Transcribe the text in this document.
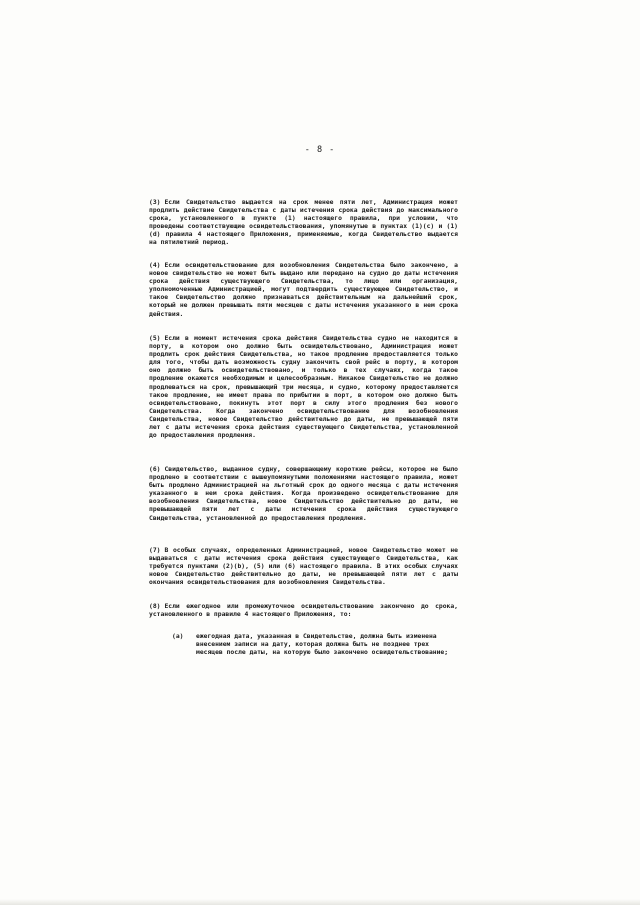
- 8 -

(3) Если Свидетельство выдается на срок менее пяти лет, Администрация может продлить действие Свидетельства с даты истечения срока действия до максимального срока, установленного в пункте (1) настоящего правила, при условии, что проведены соответствующие освидетельствования, упомянутые в пунктах (1)(с) и (1)(d) правила 4 настоящего Приложения, применяемые, когда Свидетельство выдается на пятилетний период.

(4) Если освидетельствование для возобновления Свидетельства было закончено, а новое свидетельство не может быть выдано или передано на судно до даты истечения срока действия существующего Свидетельства, то лицо или организация, уполномоченные Администрацией, могут подтвердить существующее Свидетельство, и такое Свидетельство должно признаваться действительным на дальнейший срок, который не должен превышать пяти месяцев с даты истечения указанного в нем срока действия.

(5) Если в момент истечения срока действия Свидетельства судно не находится в порту, в котором оно должно быть освидетельствовано, Администрация может продлить срок действия Свидетельства, но такое продление предоставляется только для того, чтобы дать возможность судну закончить свой рейс в порту, в котором оно должно быть освидетельствовано, и только в тех случаях, когда такое продление окажется необходимым и целесообразным. Никакое Свидетельство не должно продлеваться на срок, превышающий три месяца, и судно, которому предоставляется такое продление, не имеет права по прибытии в порт, в котором оно должно быть освидетельствовано, покинуть этот порт в силу этого продления без нового Свидетельства. Когда закончено освидетельствование для возобновления Свидетельства, новое Свидетельство действительно до даты, не превышающей пяти лет с даты истечения срока действия существующего Свидетельства, установленной до предоставления продления.

(6) Свидетельство, выданное судну, совершающему короткие рейсы, которое не было продлено в соответствии с вышеупомянутыми положениями настоящего правила, может быть продлено Администрацией на льготный срок до одного месяца с даты истечения указанного в нем срока действия. Когда произведено освидетельствование для возобновления Свидетельства, новое Свидетельство действительно до даты, не превышающей пяти лет с даты истечения срока действия существующего Свидетельства, установленной до предоставления продления.

(7) В особых случаях, определенных Администрацией, новое Свидетельство может не выдаваться с даты истечения срока действия существующего Свидетельства, как требуется пунктами (2)(b), (5) или (6) настоящего правила. В этих особых случаях новое Свидетельство действительно до даты, не превышающей пяти лет с даты окончания освидетельствования для возобновления Свидетельства.

(8) Если ежегодное или промежуточное освидетельствование закончено до срока, установленного в правиле 4 настоящего Приложения, то:

(a)	ежегодная дата, указанная в Свидетельстве, должна быть изменена внесением записи на дату, которая должна быть не позднее трех месяцев после даты, на которую было закончено освидетельствование;
